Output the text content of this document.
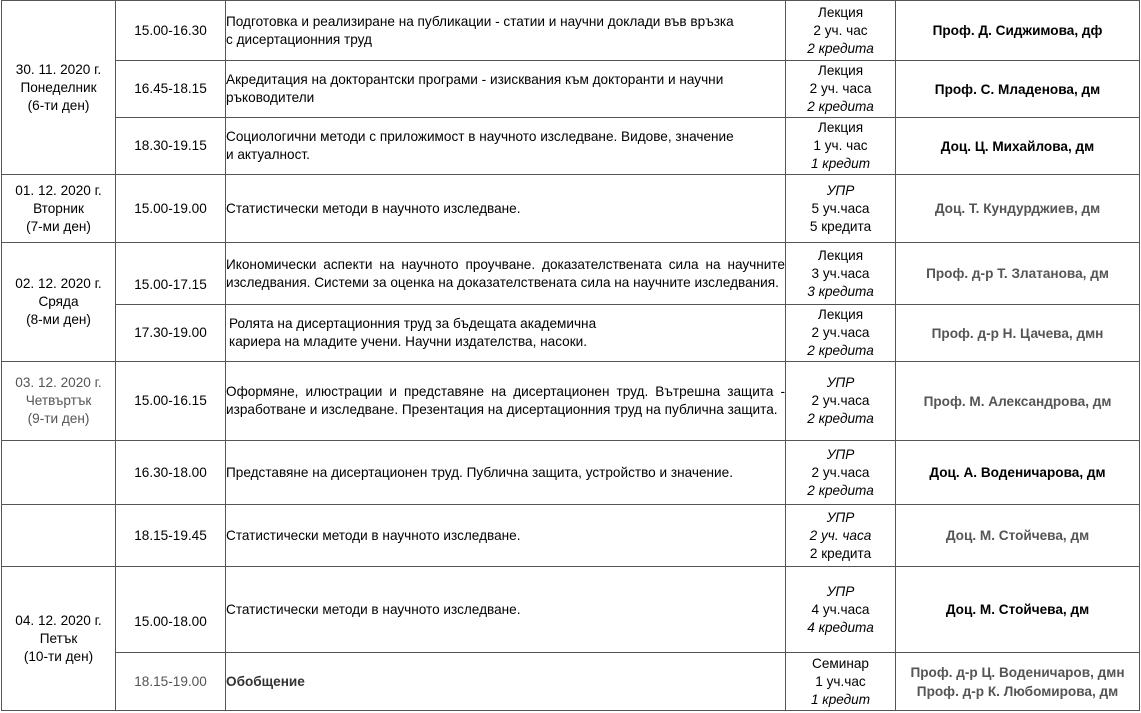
30. 11. 2020 г.
Понеделник
(6-ти ден)	15.00-16.30	Подготовка и реализиране на публикации - статии и научни доклади във връзка
с дисертационния труд	Лекция
2 уч. час
2 кредита	Проф. Д. Сиджимова, дф

	16.45-18.15	Акредитация на докторантски програми - изисквания към докторанти и научни
ръководители	Лекция
2 уч. часа
2 кредита	Проф. С. Младенова, дм

	18.30-19.15	Социологични методи с приложимост в научното изследване. Видове, значение
и актуалност.	Лекция
1 уч. час
1 кредит	Доц. Ц. Михайлова, дм

01. 12. 2020 г.
Вторник
(7-ми ден)	15.00-19.00	Статистически методи в научното изследване.	УПР
5 уч.часа
5 кредита	Доц. Т. Кундурджиев, дм

02. 12. 2020 г.
Сряда
(8-ми ден)	15.00-17.15	Икономически аспекти на научното проучване. доказателствената сила на научните изследвания. Системи за оценка на доказателствената сила на научните изследвания.	Лекция
3 уч.часа
3 кредита	Проф. д-р Т. Златанова, дм

	17.30-19.00	Ролята на дисертационния труд за бъдещата академична
кариера на младите учени. Научни издателства, насоки.	Лекция
2 уч.часа
2 кредита	Проф. д-р Н. Цачева, дмн

03. 12. 2020 г.
Четвъртък
(9-ти ден)	15.00-16.15	Оформяне, илюстрации и представяне на дисертационен труд. Вътрешна защита - изработване и изследване. Презентация на дисертационния труд на публична защита.	УПР
2 уч.часа
2 кредита	Проф. М. Александрова, дм

	16.30-18.00	Представяне на дисертационен труд. Публична защита, устройство и значение.	УПР
2 уч.часа
2 кредита	Доц. А. Воденичарова, дм

	18.15-19.45	Статистически методи в научното изследване.	УПР
2 уч. часа
2 кредита	Доц. М. Стойчева, дм

04. 12. 2020 г.
Петък
(10-ти ден)	15.00-18.00	Статистически методи в научното изследване.	УПР
4 уч.часа
4 кредита	Доц. М. Стойчева, дм

	18.15-19.00	Обобщение	Семинар
1 уч.час
1 кредит	Проф. д-р Ц. Воденичаров, дмн
Проф. д-р К. Любомирова, дм
